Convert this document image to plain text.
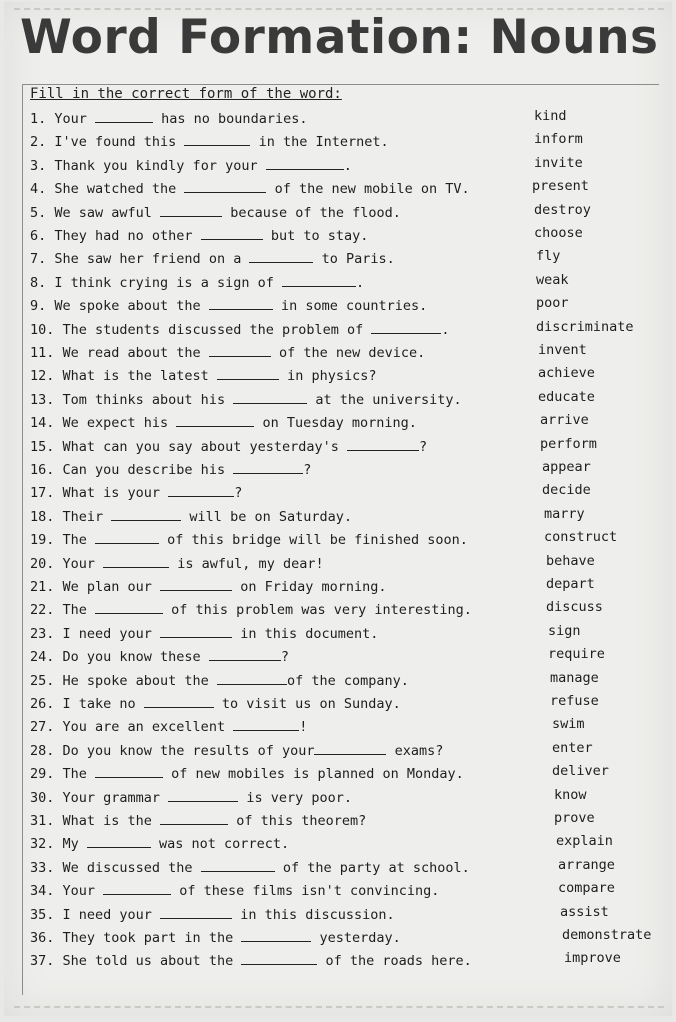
Word Formation: Nouns
Fill in the correct form of the word:
1. Your	has no boundaries.	kind
2. I've found this	in the Internet.	inform
3. Thank you kindly for your	.	invite
4. She watched the	of the new mobile on TV.	present
5. We saw awful	because of the flood.	destroy
6. They had no other	but to stay.	choose
7. She saw her friend on a	to Paris.	fly
8. I think crying is a sign of	.	weak
9. We spoke about the	in some countries.	poor
10. The students discussed the problem of	.	discriminate
11. We read about the	of the new device.	invent
12. What is the latest	in physics?	achieve
13. Tom thinks about his	at the university.	educate
14. We expect his	on Tuesday morning.	arrive
15. What can you say about yesterday's	?	perform
16. Can you describe his	?	appear
17. What is your	?	decide
18. Their	will be on Saturday.	marry
19. The	of this bridge will be finished soon.	construct
20. Your	is awful, my dear!	behave
21. We plan our	on Friday morning.	depart
22. The	of this problem was very interesting.	discuss
23. I need your	in this document.	sign
24. Do you know these	?	require
25. He spoke about the	of the company.	manage
26. I take no	to visit us on Sunday.	refuse
27. You are an excellent	!	swim
28. Do you know the results of your	exams?	enter
29. The	of new mobiles is planned on Monday.	deliver
30. Your grammar	is very poor.	know
31. What is the	of this theorem?	prove
32. My	was not correct.	explain
33. We discussed the	of the party at school.	arrange
34. Your	of these films isn't convincing.	compare
35. I need your	in this discussion.	assist
36. They took part in the	yesterday.	demonstrate
37. She told us about the	of the roads here.	improve
